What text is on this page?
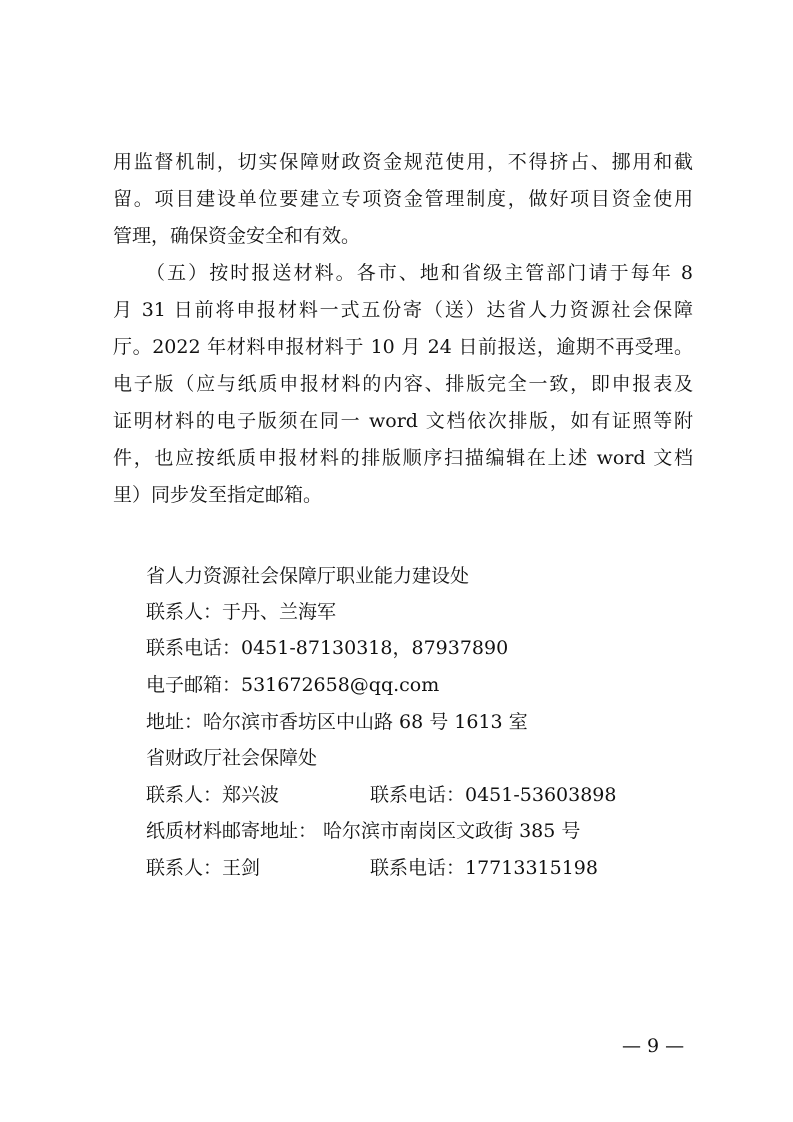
用监督机制，切实保障财政资金规范使用，不得挤占、挪用和截
留。项目建设单位要建立专项资金管理制度，做好项目资金使用
管理，确保资金安全和有效。
（五）按时报送材料。各市、地和省级主管部门请于每年 8
月 31 日前将申报材料一式五份寄（送）达省人力资源社会保障
厅。2022 年材料申报材料于 10 月 24 日前报送，逾期不再受理。
电子版（应与纸质申报材料的内容、排版完全一致，即申报表及
证明材料的电子版须在同一 word 文档依次排版，如有证照等附
件，也应按纸质申报材料的排版顺序扫描编辑在上述 word 文档
里）同步发至指定邮箱。
省人力资源社会保障厅职业能力建设处
联系人：于丹、兰海军
联系电话：0451-87130318，87937890
电子邮箱：531672658@qq.com
地址：哈尔滨市香坊区中山路 68 号 1613 室
省财政厅社会保障处
联系人：郑兴波	联系电话：0451-53603898
纸质材料邮寄地址： 哈尔滨市南岗区文政街 385 号
联系人：王剑	联系电话：17713315198
— 9 —
